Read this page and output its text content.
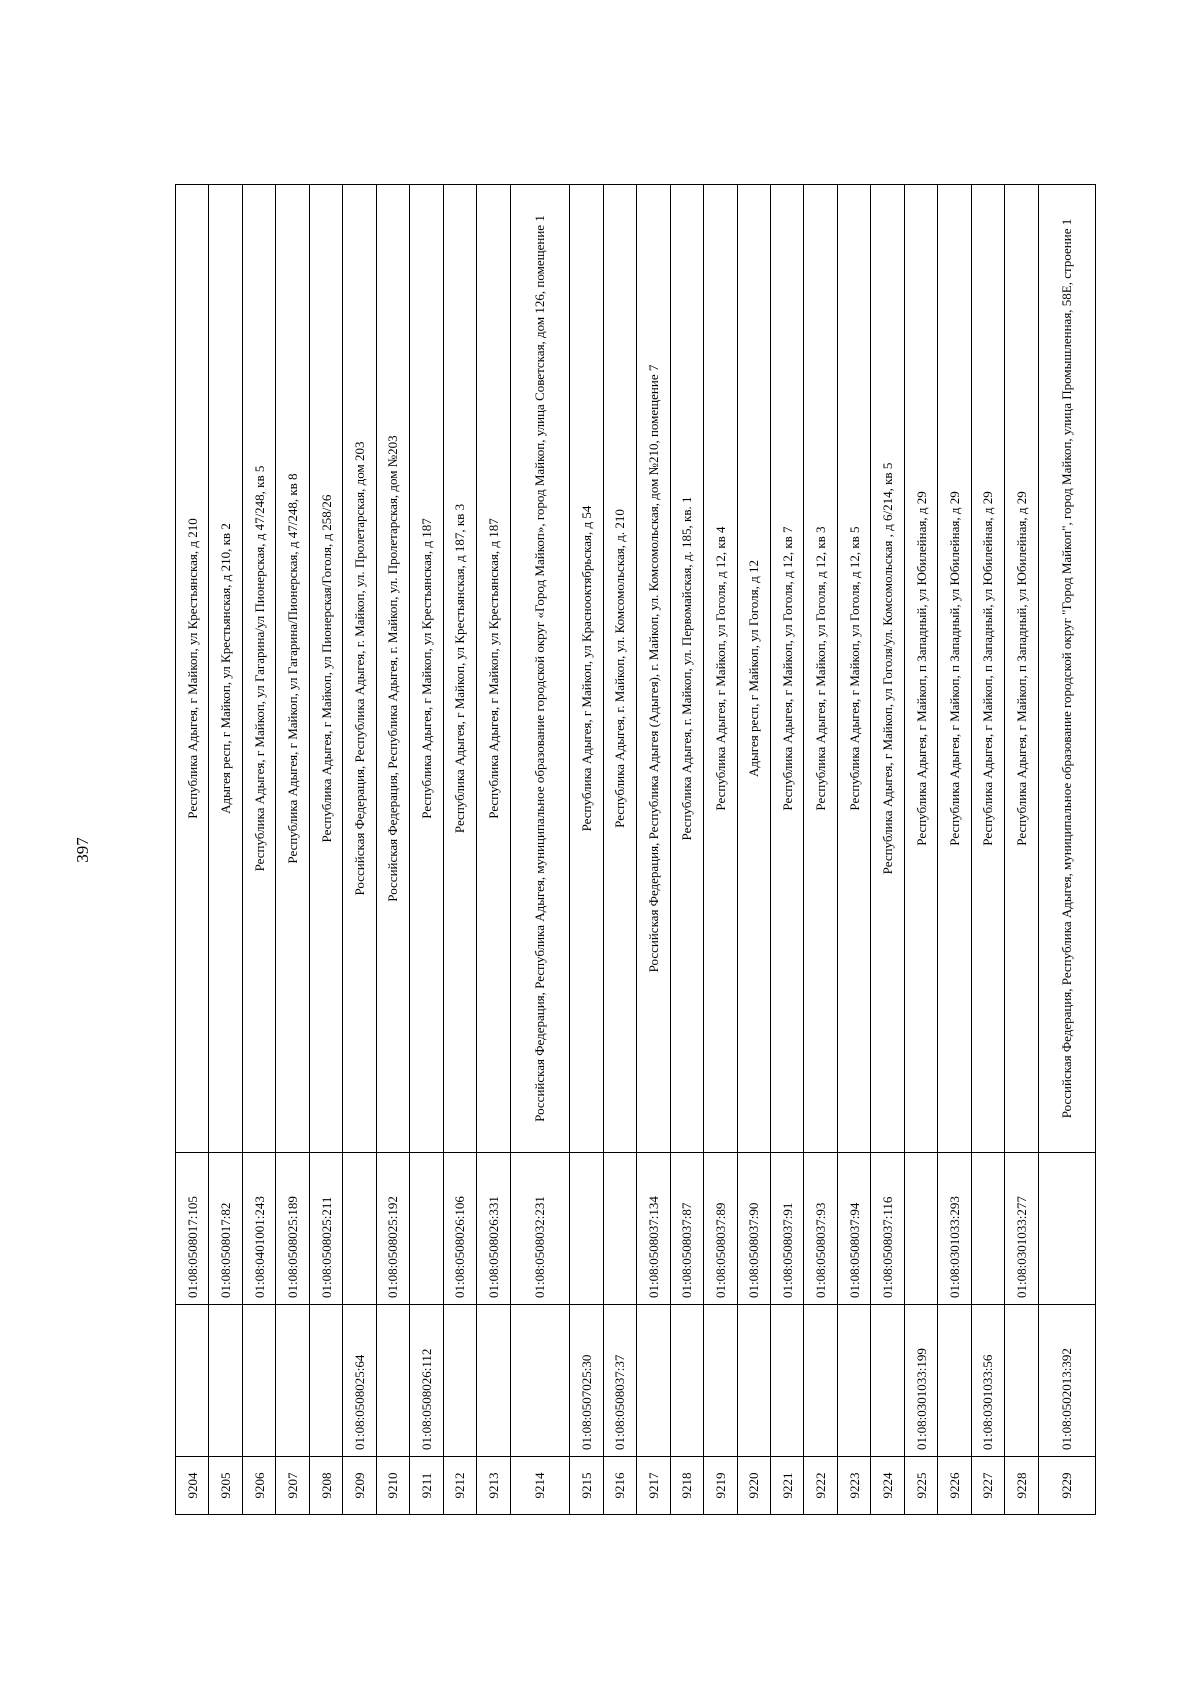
397
9204		01:08:0508017:105	Республика Адыгея, г Майкоп, ул Крестьянская, д 210
9205		01:08:0508017:82	Адыгея респ, г Майкоп, ул Крестьянская, д 210, кв 2
9206		01:08:0401001:243	Республика Адыгея, г Майкоп, ул Гагарина/ул Пионерская, д 47/248, кв 5
9207		01:08:0508025:189	Республика Адыгея, г Майкоп, ул Гагарина/Пионерская, д 47/248, кв 8
9208		01:08:0508025:211	Республика Адыгея, г Майкоп, ул Пионерская/Гоголя, д 258/26
9209	01:08:0508025:64		Российская Федерация, Республика Адыгея, г. Майкоп, ул. Пролетарская, дом 203
9210		01:08:0508025:192	Российская Федерация, Республика Адыгея, г. Майкоп, ул. Пролетарская, дом №203
9211	01:08:0508026:112		Республика Адыгея, г Майкоп, ул Крестьянская, д 187
9212		01:08:0508026:106	Республика Адыгея, г Майкоп, ул Крестьянская, д 187, кв 3
9213		01:08:0508026:331	Республика Адыгея, г Майкоп, ул Крестьянская, д 187
9214		01:08:0508032:231	Российская Федерация, Республика Адыгея, муниципальное образование городской округ «Город Майкоп», город Майкоп, улица Советская, дом 126, помещение 1
9215	01:08:0507025:30		Республика Адыгея, г Майкоп, ул Краснооктябрьская, д 54
9216	01:08:0508037:37		Республика Адыгея, г. Майкоп, ул. Комсомольская, д. 210
9217		01:08:0508037:134	Российская Федерация, Республика Адыгея (Адыгея), г. Майкоп, ул. Комсомольская, дом №210, помещение 7
9218		01:08:0508037:87	Республика Адыгея, г. Майкоп, ул. Первомайская, д. 185, кв. 1
9219		01:08:0508037:89	Республика Адыгея, г Майкоп, ул Гоголя, д 12, кв 4
9220		01:08:0508037:90	Адыгея респ, г Майкоп, ул Гоголя, д 12
9221		01:08:0508037:91	Республика Адыгея, г Майкоп, ул Гоголя, д 12, кв 7
9222		01:08:0508037:93	Республика Адыгея, г Майкоп, ул Гоголя, д 12, кв 3
9223		01:08:0508037:94	Республика Адыгея, г Майкоп, ул Гоголя, д 12, кв 5
9224		01:08:0508037:116	Республика Адыгея, г Майкоп, ул Гоголя/ул. Комсомольская , д 6/214, кв 5
9225	01:08:0301033:199		Республика Адыгея, г Майкоп, п Западный, ул Юбилейная, д 29
9226		01:08:0301033:293	Республика Адыгея, г Майкоп, п Западный, ул Юбилейная, д 29
9227	01:08:0301033:56		Республика Адыгея, г Майкоп, п Западный, ул Юбилейная, д 29
9228		01:08:0301033:277	Республика Адыгея, г Майкоп, п Западный, ул Юбилейная, д 29
9229	01:08:0502013:392		Российская Федерация, Республика Адыгея, муниципальное образование городской округ "Город Майкоп", город Майкоп, улица Промышленная, 58Е, строение 1
